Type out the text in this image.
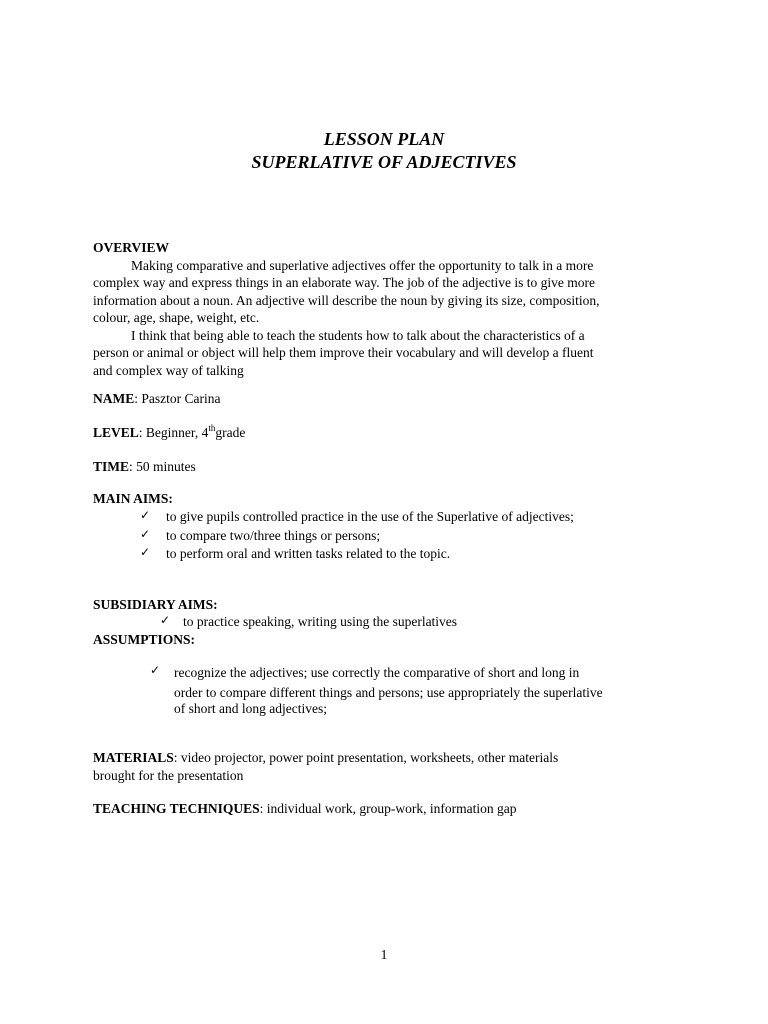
LESSON PLAN
SUPERLATIVE OF ADJECTIVES
OVERVIEW
Making comparative and superlative adjectives offer the opportunity to talk in a more
complex way and express things in an elaborate way. The job of the adjective is to give more
information about a noun. An adjective will describe the noun by giving its size, composition,
colour, age, shape, weight, etc.
I think that being able to teach the students how to talk about the characteristics of a
person or animal or object will help them improve their vocabulary and will develop a fluent
and complex way of talking
NAME: Pasztor Carina
LEVEL: Beginner, 4thgrade
TIME: 50 minutes
MAIN AIMS:
✓ to give pupils controlled practice in the use of the Superlative of adjectives;
✓ to compare two/three things or persons;
✓ to perform oral and written tasks related to the topic.
SUBSIDIARY AIMS:
✓ to practice speaking, writing using the superlatives
ASSUMPTIONS:
✓ recognize the adjectives; use correctly the comparative of short and long in
order to compare different things and persons; use appropriately the superlative
of short and long adjectives;
MATERIALS: video projector, power point presentation, worksheets, other materials
brought for the presentation
TEACHING TECHNIQUES: individual work, group-work, information gap
1
